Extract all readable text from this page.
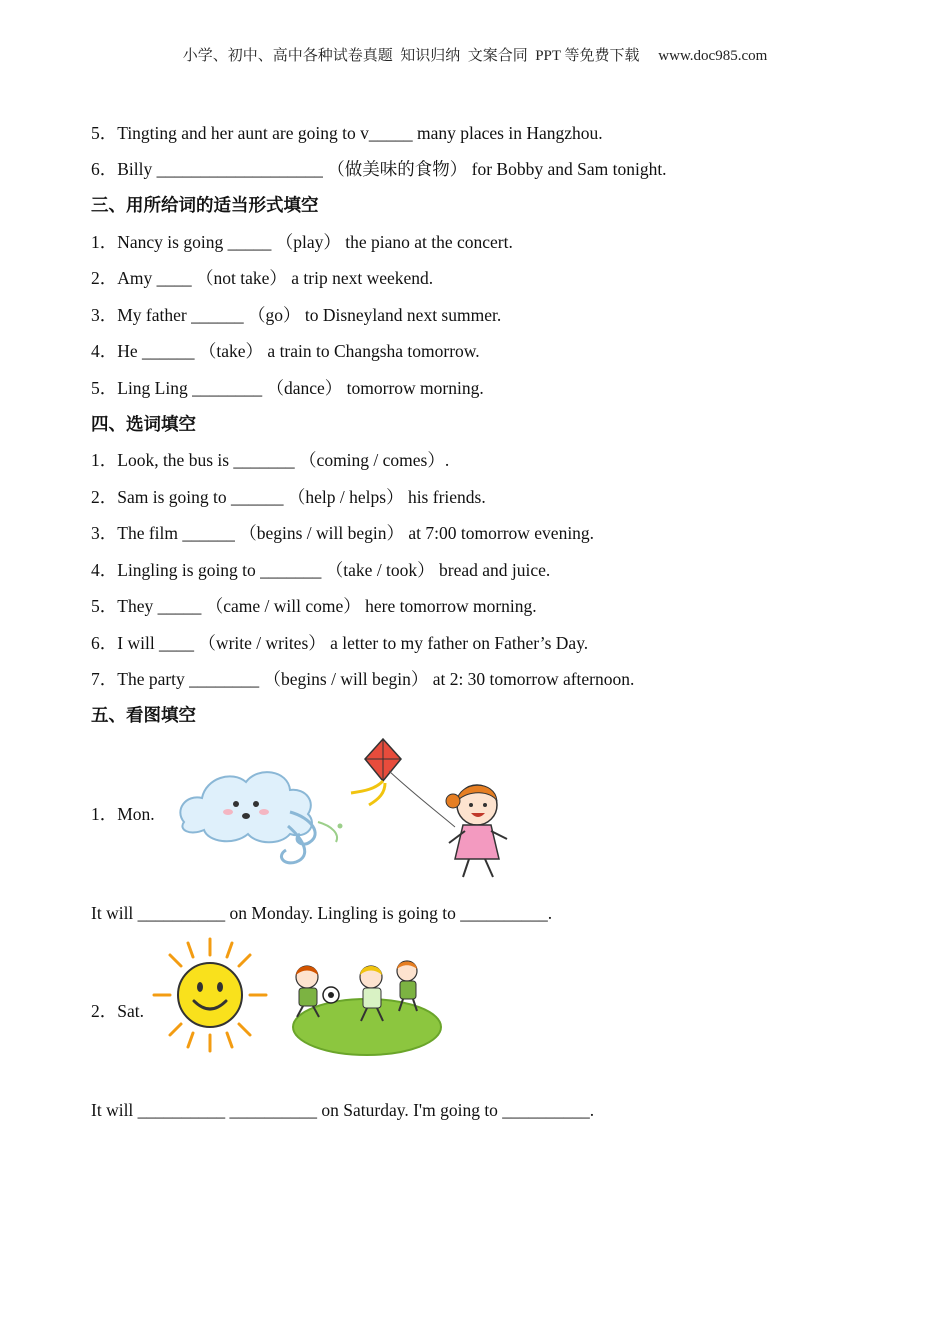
小学、初中、高中各种试卷真题  知识归纳  文案合同  PPT 等免费下载     www.doc985.com
5．Tingting and her aunt are going to v_____ many places in Hangzhou.
6．Billy ___________________ （做美味的食物） for Bobby and Sam tonight.
三、用所给词的适当形式填空
1．Nancy is going _____ （play） the piano at the concert.
2．Amy ____ （not take） a trip next weekend.
3．My father ______ （go） to Disneyland next summer.
4．He ______ （take） a train to Changsha tomorrow.
5．Ling Ling ________ （dance） tomorrow morning.
四、选词填空
1．Look, the bus is _______ （coming / comes）.
2．Sam is going to ______ （help / helps） his friends.
3．The film ______ （begins / will begin） at 7:00 tomorrow evening.
4．Lingling is going to _______ （take / took） bread and juice.
5．They _____ （came / will come） here tomorrow morning.
6．I will ____ （write / writes） a letter to my father on Father’s Day.
7．The party ________ （begins / will begin） at 2: 30 tomorrow afternoon.
五、看图填空
1．Mon.
It will __________ on Monday. Lingling is going to __________.
2．Sat.
It will __________ __________ on Saturday. I'm going to __________.
